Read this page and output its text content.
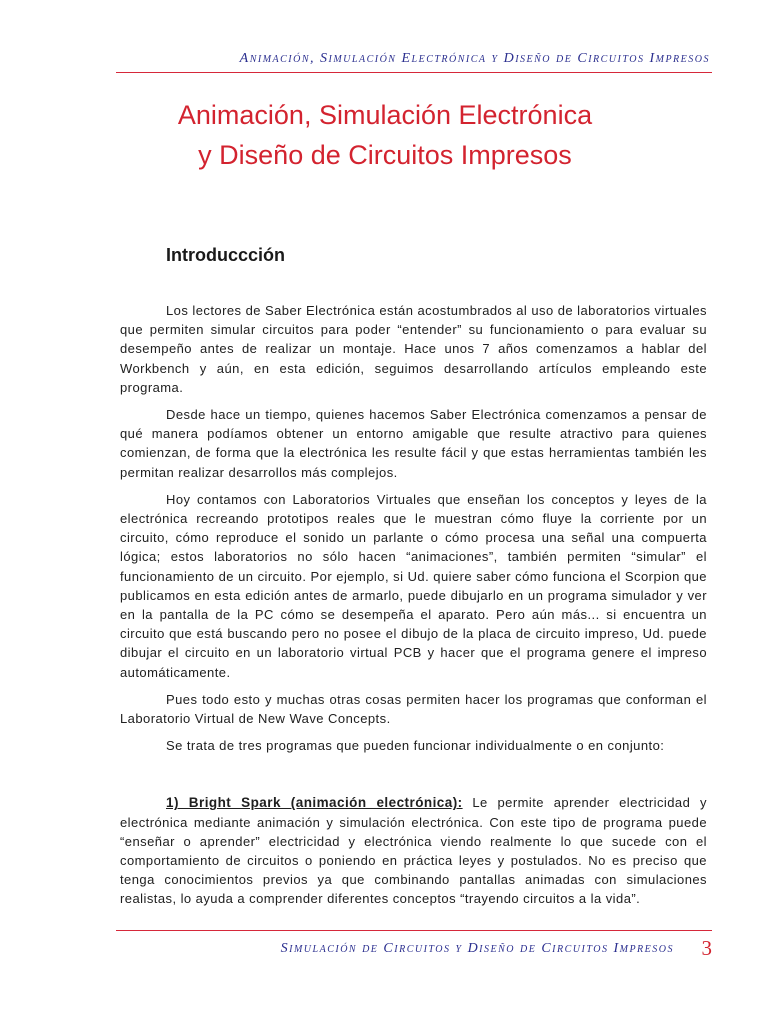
Animación, Simulación Electrónica y Diseño de Circuitos Impresos
Animación, Simulación Electrónica
y Diseño de Circuitos Impresos
Introduccción

Los lectores de Saber Electrónica están acostumbrados al uso de laboratorios virtuales que permiten simular circuitos para poder “entender” su funcionamiento o para evaluar su desempeño antes de realizar un montaje. Hace unos 7 años comenzamos a hablar del Workbench y aún, en esta edición, seguimos desarrollando artículos empleando este programa.

Desde hace un tiempo, quienes hacemos Saber Electrónica comenzamos a pensar de qué manera podíamos obtener un entorno amigable que resulte atractivo para quienes comienzan, de forma que la electrónica les resulte fácil y que estas herramientas también les permitan realizar desarrollos más complejos.

Hoy contamos con Laboratorios Virtuales que enseñan los conceptos y leyes de la electrónica recreando prototipos reales que le muestran cómo fluye la corriente por un circuito, cómo reproduce el sonido un parlante o cómo procesa una señal una compuerta lógica; estos laboratorios no sólo hacen “animaciones”, también permiten “simular” el funcionamiento de un circuito. Por ejemplo, si Ud. quiere saber cómo funciona el Scorpion que publicamos en esta edición antes de armarlo, puede dibujarlo en un programa simulador y ver en la pantalla de la PC cómo se desempeña el aparato. Pero aún más... si encuentra un circuito que está buscando pero no posee el dibujo de la placa de circuito impreso, Ud. puede dibujar el circuito en un laboratorio virtual PCB y hacer que el programa genere el impreso automáticamente.

Pues todo esto y muchas otras cosas permiten hacer los programas que conforman el Laboratorio Virtual de New Wave Concepts.

Se trata de tres programas que pueden funcionar individualmente o en conjunto:

1) Bright Spark (animación electrónica): Le permite aprender electricidad y electrónica mediante animación y simulación electrónica. Con este tipo de programa puede “enseñar o aprender” electricidad y electrónica viendo realmente lo que sucede con el comportamiento de circuitos o poniendo en práctica leyes y postulados. No es preciso que tenga conocimientos previos ya que combinando pantallas animadas con simulaciones realistas, lo ayuda a comprender diferentes conceptos “trayendo circuitos a la vida”.

Simulación de Circuitos y Diseño de Circuitos Impresos 3
